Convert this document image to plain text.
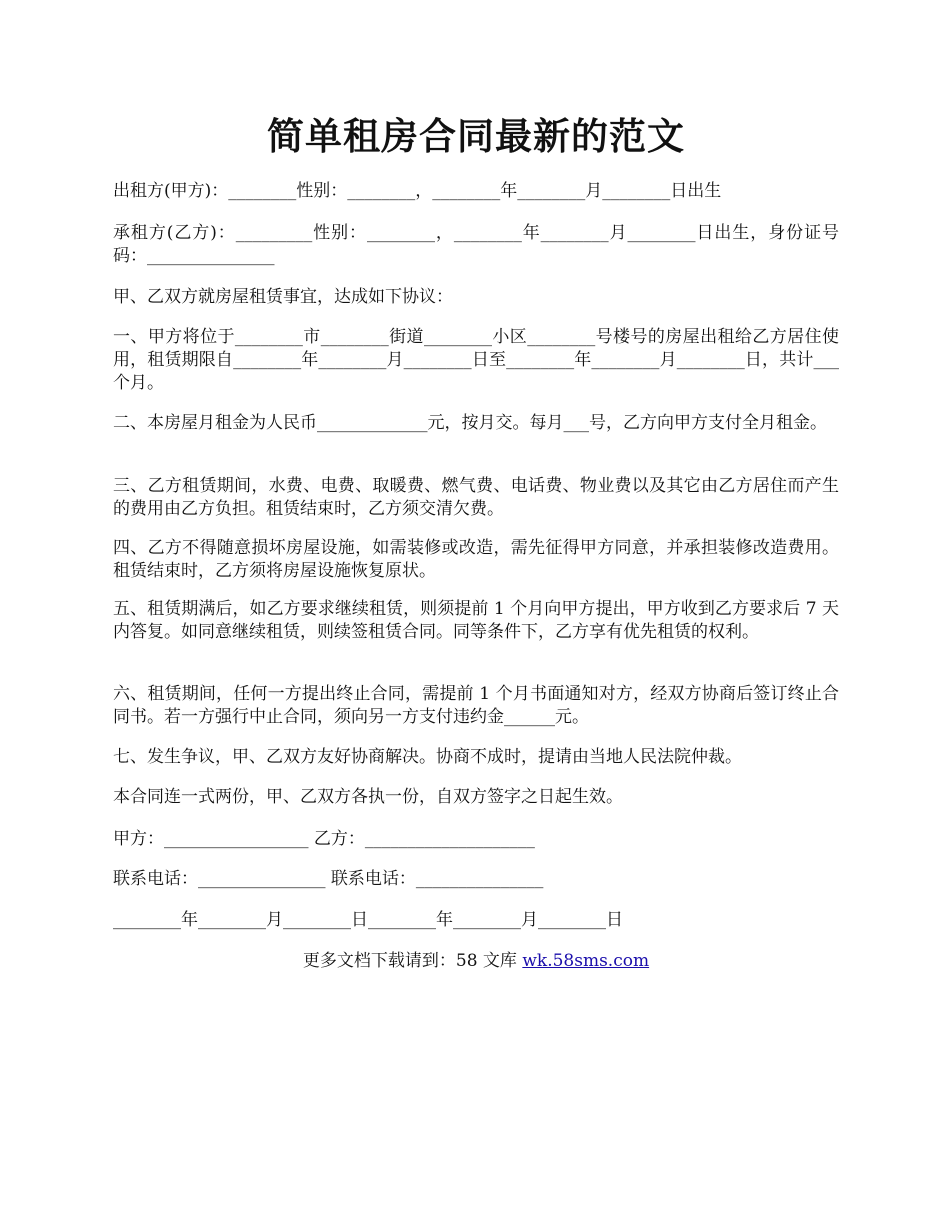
简单租房合同最新的范文
出租方(甲方)：________性别：________，________年________月________日出生
承租方(乙方)：_________性别：________，________年________月________日出生，身份证号码：_______________
甲、乙双方就房屋租赁事宜，达成如下协议：
一、甲方将位于________市________街道________小区________号楼号的房屋出租给乙方居住使用，租赁期限自________年________月________日至________年________月________日，共计___个月。
二、本房屋月租金为人民币_____________元，按月交。每月___号，乙方向甲方支付全月租金。
三、乙方租赁期间，水费、电费、取暖费、燃气费、电话费、物业费以及其它由乙方居住而产生的费用由乙方负担。租赁结束时，乙方须交清欠费。
四、乙方不得随意损坏房屋设施，如需装修或改造，需先征得甲方同意，并承担装修改造费用。租赁结束时，乙方须将房屋设施恢复原状。
五、租赁期满后，如乙方要求继续租赁，则须提前 1 个月向甲方提出，甲方收到乙方要求后 7 天内答复。如同意继续租赁，则续签租赁合同。同等条件下，乙方享有优先租赁的权利。
六、租赁期间，任何一方提出终止合同，需提前 1 个月书面通知对方，经双方协商后签订终止合同书。若一方强行中止合同，须向另一方支付违约金______元。
七、发生争议，甲、乙双方友好协商解决。协商不成时，提请由当地人民法院仲裁。
本合同连一式两份，甲、乙双方各执一份，自双方签字之日起生效。
甲方：_________________ 乙方：____________________
联系电话：_______________ 联系电话：_______________
________年________月________日________年________月________日
更多文档下载请到：58 文库 wk.58sms.com
